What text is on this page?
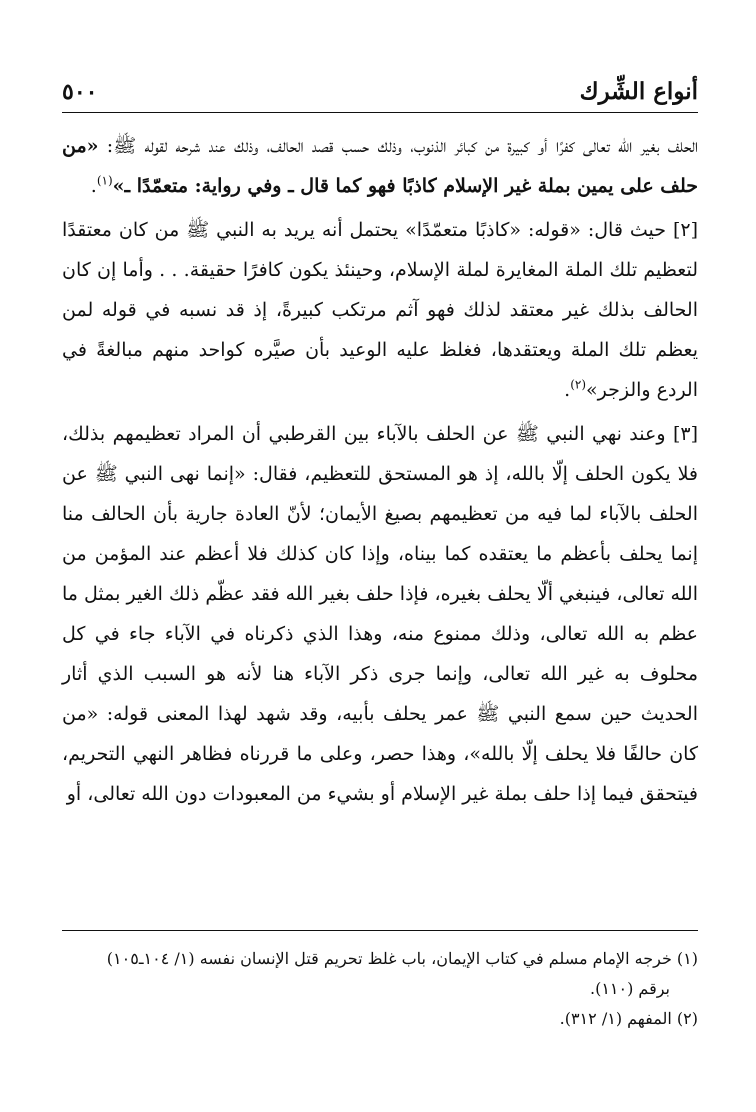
أنواع الشِّرك
٥٠٠

الحلف بغير الله تعالى كفرًا أو كبيرة من كبائر الذنوب، وذلك حسب قصد الحالف، وذلك عند شرحه لقوله ﷺ: «من حلف على يمين بملة غير الإسلام كاذبًا فهو كما قال ـ وفي رواية: متعمّدًا ـ»$^{(١)}$.

[٢] حيث قال: «قوله: «كاذبًا متعمّدًا» يحتمل أنه يريد به النبي ﷺ من كان معتقدًا لتعظيم تلك الملة المغايرة لملة الإسلام، وحينئذ يكون كافرًا حقيقة. . . وأما إن كان الحالف بذلك غير معتقد لذلك فهو آثم مرتكب كبيرةً، إذ قد نسبه في قوله لمن يعظم تلك الملة ويعتقدها، فغلظ عليه الوعيد بأن صيَّره كواحد منهم مبالغةً في الردع والزجر»$^{(٢)}$.

[٣] وعند نهي النبي ﷺ عن الحلف بالآباء بين القرطبي أن المراد تعظيمهم بذلك، فلا يكون الحلف إلّا بالله، إذ هو المستحق للتعظيم، فقال: «إنما نهى النبي ﷺ عن الحلف بالآباء لما فيه من تعظيمهم بصيغ الأيمان؛ لأنّ العادة جارية بأن الحالف منا إنما يحلف بأعظم ما يعتقده كما بيناه، وإذا كان كذلك فلا أعظم عند المؤمن من الله تعالى، فينبغي ألّا يحلف بغيره، فإذا حلف بغير الله فقد عظّم ذلك الغير بمثل ما عظم به الله تعالى، وذلك ممنوع منه، وهذا الذي ذكرناه في الآباء جاء في كل محلوف به غير الله تعالى، وإنما جرى ذكر الآباء هنا لأنه هو السبب الذي أثار الحديث حين سمع النبي ﷺ عمر يحلف بأبيه، وقد شهد لهذا المعنى قوله: «من كان حالفًا فلا يحلف إلّا بالله»، وهذا حصر، وعلى ما قررناه فظاهر النهي التحريم، فيتحقق فيما إذا حلف بملة غير الإسلام أو بشيء من المعبودات دون الله تعالى، أو

(١) خرجه الإمام مسلم في كتاب الإيمان، باب غلظ تحريم قتل الإنسان نفسه (١/ ١٠٤ـ١٠٥)

برقم (١١٠).

(٢) المفهم (١/ ٣١٢).
